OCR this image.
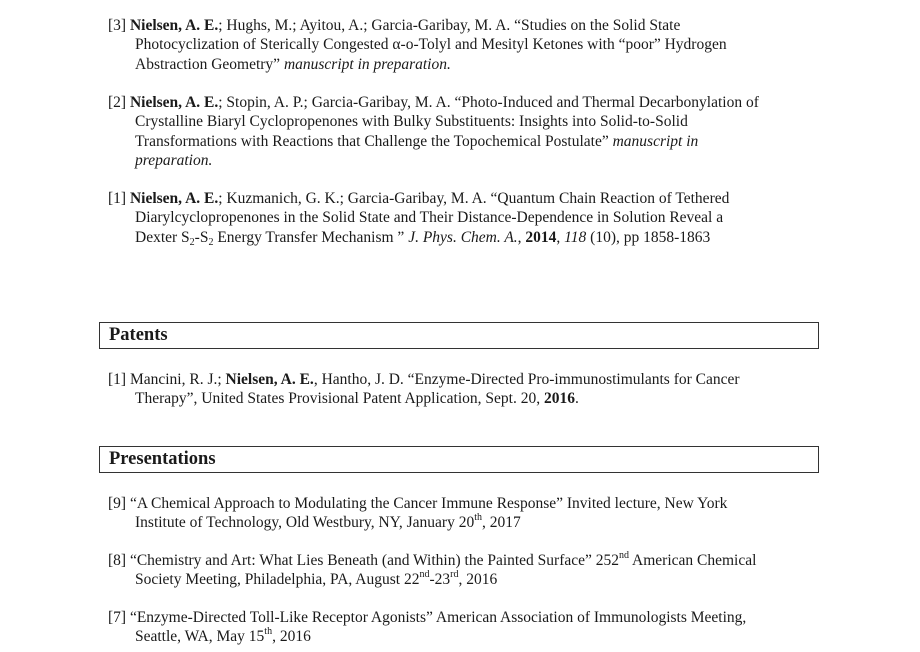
[3] Nielsen, A. E.; Hughs, M.; Ayitou, A.; Garcia-Garibay, M. A. “Studies on the Solid State
Photocyclization of Sterically Congested α-o-Tolyl and Mesityl Ketones with “poor” Hydrogen
Abstraction Geometry” manuscript in preparation.
[2] Nielsen, A. E.; Stopin, A. P.; Garcia-Garibay, M. A. “Photo-Induced and Thermal Decarbonylation of
Crystalline Biaryl Cyclopropenones with Bulky Substituents: Insights into Solid-to-Solid
Transformations with Reactions that Challenge the Topochemical Postulate” manuscript in
preparation.
[1] Nielsen, A. E.; Kuzmanich, G. K.; Garcia-Garibay, M. A. “Quantum Chain Reaction of Tethered
Diarylcyclopropenones in the Solid State and Their Distance-Dependence in Solution Reveal a
Dexter $S_2-S_2$ Energy Transfer Mechanism ” J. Phys. Chem. A., 2014, 118 (10), pp 1858-1863
Patents
[1] Mancini, R. J.; Nielsen, A. E., Hantho, J. D. “Enzyme-Directed Pro-immunostimulants for Cancer
Therapy”, United States Provisional Patent Application, Sept. 20, 2016.
Presentations
[9] “A Chemical Approach to Modulating the Cancer Immune Response” Invited lecture, New York
Institute of Technology, Old Westbury, NY, January 20th, 2017
[8] “Chemistry and Art: What Lies Beneath (and Within) the Painted Surface” 252nd American Chemical
Society Meeting, Philadelphia, PA, August 22nd-23rd, 2016
[7] “Enzyme-Directed Toll-Like Receptor Agonists” American Association of Immunologists Meeting,
Seattle, WA, May 15th, 2016
